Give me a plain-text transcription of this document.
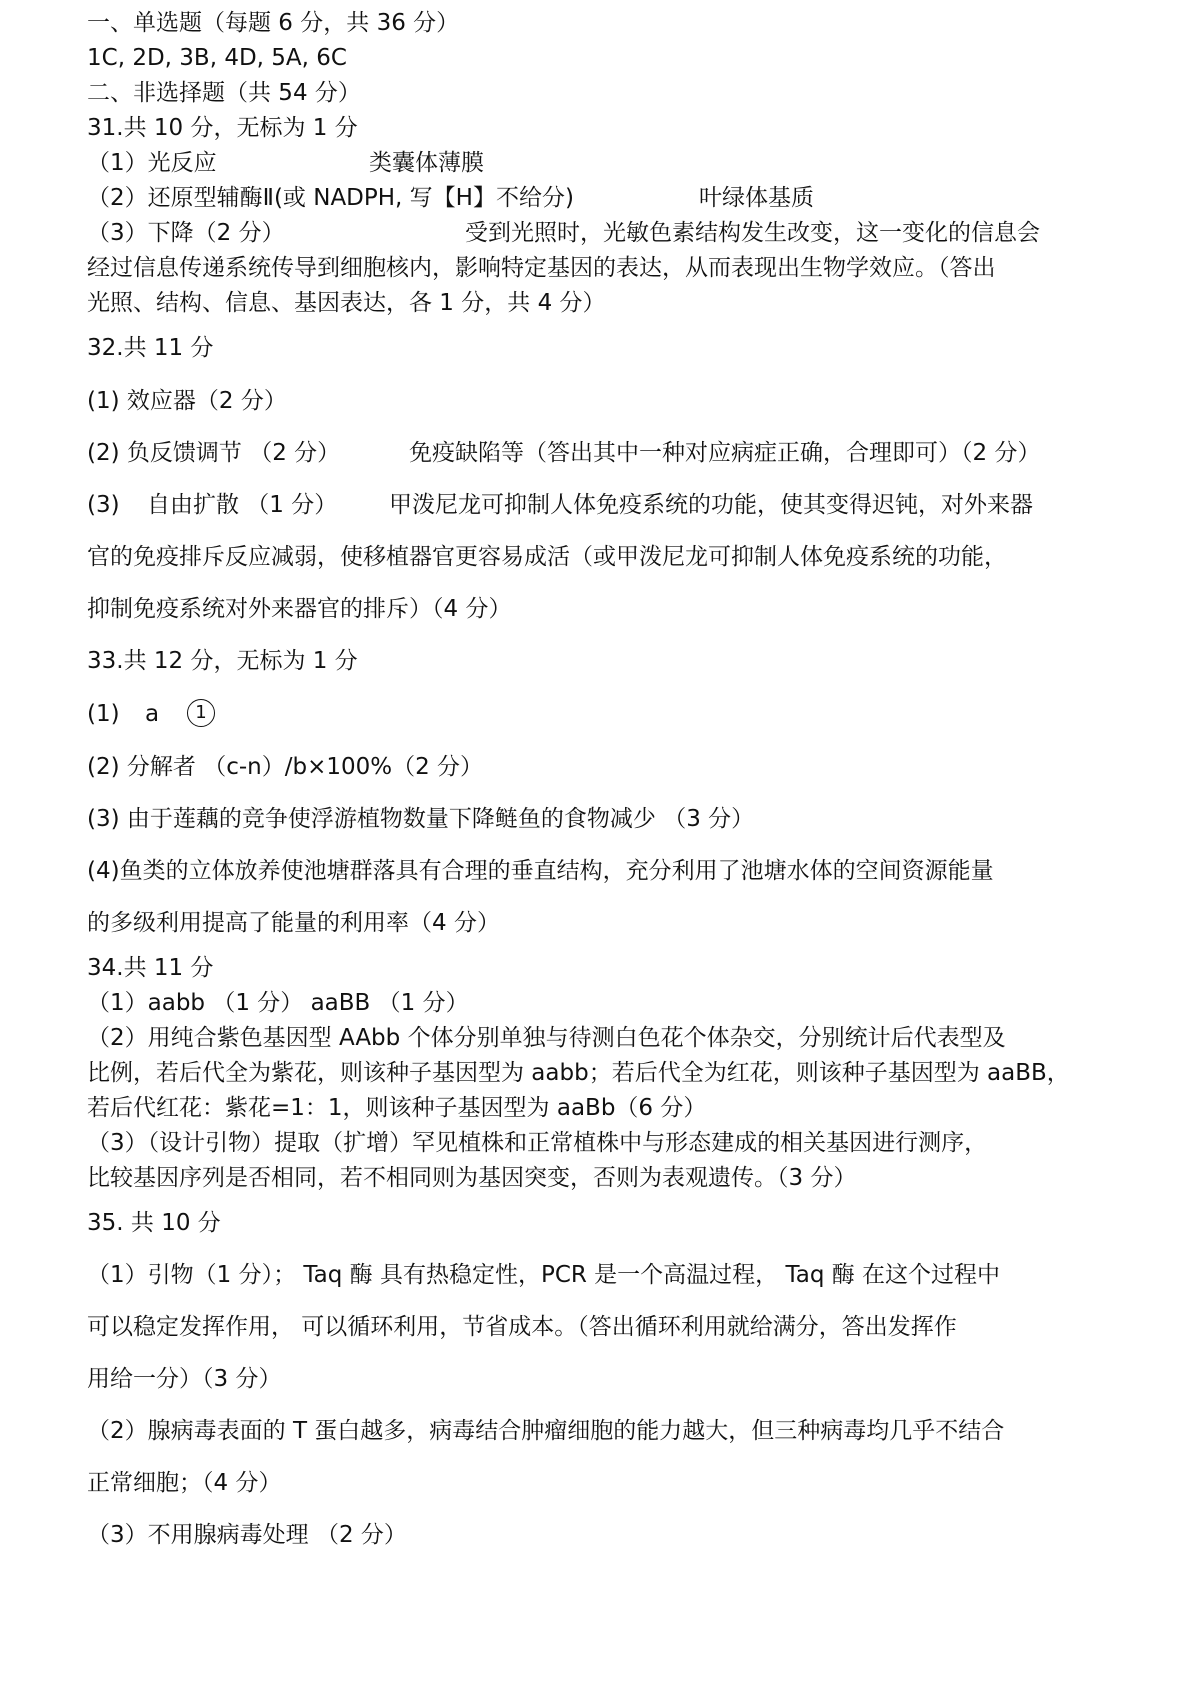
一、单选题（每题 6 分，共 36 分）
1C, 2D, 3B, 4D, 5A, 6C
二、非选择题（共 54 分）
31.共 10 分，无标为 1 分
（1）光反应	类囊体薄膜
（2）还原型辅酶Ⅱ(或 NADPH, 写【H】不给分)	叶绿体基质
（3）下降（2 分）	受到光照时，光敏色素结构发生改变，这一变化的信息会
经过信息传递系统传导到细胞核内，影响特定基因的表达，从而表现出生物学效应。（答出
光照、结构、信息、基因表达，各 1 分，共 4 分）
32.共 11 分
(1) 效应器（2 分）
(2) 负反馈调节 （2 分）	免疫缺陷等（答出其中一种对应病症正确，合理即可）（2 分）
(3) 自由扩散 （1 分） 甲泼尼龙可抑制人体免疫系统的功能，使其变得迟钝，对外来器
官的免疫排斥反应减弱，使移植器官更容易成活（或甲泼尼龙可抑制人体免疫系统的功能，
抑制免疫系统对外来器官的排斥）（4 分）
33.共 12 分，无标为 1 分
(1) a	1
(2) 分解者 （c-n）/b×100%（2 分）
(3) 由于莲藕的竞争使浮游植物数量下降鲢鱼的食物减少 （3 分）
(4)鱼类的立体放养使池塘群落具有合理的垂直结构，充分利用了池塘水体的空间资源能量
的多级利用提高了能量的利用率（4 分）
34.共 11 分
（1）aabb （1 分） aaBB （1 分）
（2）用纯合紫色基因型 AAbb 个体分别单独与待测白色花个体杂交，分别统计后代表型及
比例，若后代全为紫花，则该种子基因型为 aabb；若后代全为红花，则该种子基因型为 aaBB，
若后代红花：紫花=1：1，则该种子基因型为 aaBb（6 分）
（3）（设计引物）提取（扩增）罕见植株和正常植株中与形态建成的相关基因进行测序，
比较基因序列是否相同，若不相同则为基因突变，否则为表观遗传。（3 分）
35. 共 10 分
（1）引物（1 分）； Taq 酶 具有热稳定性，PCR 是一个高温过程， Taq 酶 在这个过程中
可以稳定发挥作用， 可以循环利用，节省成本。（答出循环利用就给满分，答出发挥作
用给一分）（3 分）
（2）腺病毒表面的 T 蛋白越多，病毒结合肿瘤细胞的能力越大，但三种病毒均几乎不结合
正常细胞；（4 分）
（3）不用腺病毒处理 （2 分）
